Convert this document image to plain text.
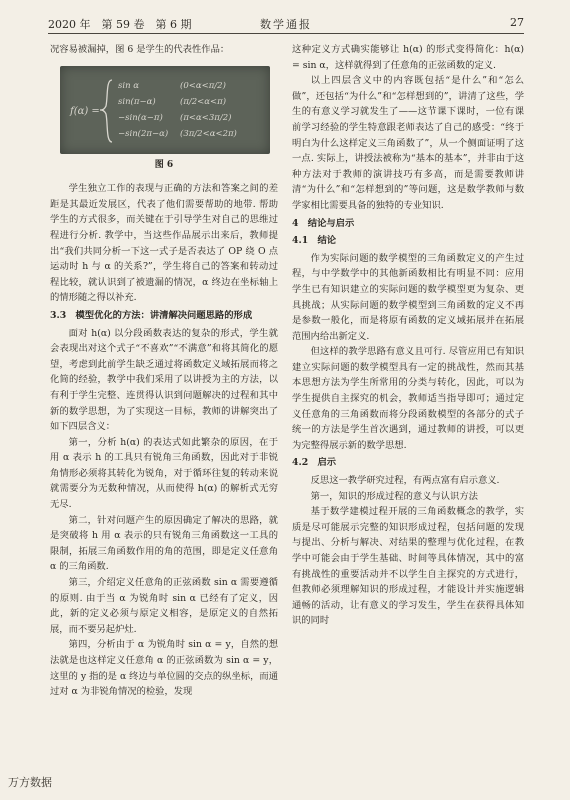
2020 年　第 59 卷　第 6 期	数学通报	27

况容易被漏掉，图 6 是学生的代表性作品：

f(α) =
sin α	(0<α<π/2)
sin(π−α)	(π/2<α<π)
−sin(α−π) (π<α<3π/2)
−sin(2π−α) (3π/2<α<2π)
图 6

学生独立工作的表现与正确的方法和答案之间的差距是其最近发展区，代表了他们需要帮助的地带. 帮助学生的方式很多，而关键在于引导学生对自己的思维过程进行分析. 教学中，当这些作品展示出来后，教师提出“我们共同分析一下这一式子是否表达了 OP 绕 O 点运动时 h 与 α 的关系?”，学生将自己的答案和转动过程比较，就认识到了被遗漏的情况，α 终边在坐标轴上的情形随之得以补充.

3.3　模型优化的方法：讲清解决问题思路的形成

面对 h(α) 以分段函数表达的复杂的形式，学生就会表现出对这个式子“不喜欢”“不满意”和将其简化的愿望，考虑到此前学生缺乏通过将函数定义域拓展而将之化简的经验，教学中我们采用了以讲授为主的方法，以有利于学生完整、连贯得认识到问题解决的过程和其中新的数学思想，为了实现这一目标，教师的讲解突出了如下四层含义：

第一，分析 h(α) 的表达式如此繁杂的原因，在于用 α 表示 h 的工具只有锐角三角函数，因此对于非锐角情形必须将其转化为锐角，对于循环往复的转动来说就需要分为无数种情况，从而使得 h(α) 的解析式无穷无尽.

第二，针对问题产生的原因确定了解决的思路，就是突破将 h 用 α 表示的只有锐角三角函数这一工具的限制，拓展三角函数作用的角的范围，即是定义任意角 α 的三角函数.

第三，介绍定义任意角的正弦函数 sin α 需要遵循的原则. 由于当 α 为锐角时 sin α 已经有了定义，因此，新的定义必须与原定义相容，是原定义的自然拓展，而不要另起炉灶.

第四，分析由于 α 为锐角时 sin α = y，自然的想法就是也这样定义任意角 α 的正弦函数为 sin α = y，这里的 y 指的是 α 终边与单位圆的交点的纵坐标，而通过对 α 为非锐角情况的检验，发现

这种定义方式确实能够让 h(α) 的形式变得简化：h(α) = sin α，这样就得到了任意角的正弦函数的定义.

以上四层含义中的内容既包括“是什么”和“怎么做”，还包括“为什么”和“怎样想到的”，讲清了这些，学生的有意义学习就发生了——这节课下课时，一位有课前学习经验的学生特意跟老师表达了自己的感受：“终于明白为什么这样定义三角函数了”，从一个侧面证明了这一点. 实际上，讲授法被称为“基本的基本”，并非由于这种方法对于教师的演讲技巧有多高，而是需要教师讲清“为什么”和“怎样想到的”等问题，这是数学教师与数学家相比需要具备的独特的专业知识.

4　结论与启示

4.1　结论

作为实际问题的数学模型的三角函数定义的产生过程，与中学数学中的其他新函数相比有明显不同：应用学生已有知识建立的实际问题的数学模型更为复杂、更具挑战；从实际问题的数学模型到三角函数的定义不再是参数一般化，而是将原有函数的定义域拓展并在拓展范围内给出新定义.

但这样的教学思路有意义且可行. 尽管应用已有知识建立实际问题的数学模型具有一定的挑战性，然而其基本思想方法为学生所常用的分类与转化，因此，可以为学生提供自主探究的机会，教师适当指导即可；通过定义任意角的三角函数而将分段函数模型的各部分的式子统一的方法是学生首次遇到，通过教师的讲授，可以更为完整得展示新的数学思想.

4.2　启示

反思这一教学研究过程，有两点富有启示意义.

第一，知识的形成过程的意义与认识方法

基于数学建模过程开展的三角函数概念的教学，实质是尽可能展示完整的知识形成过程，包括问题的发现与提出、分析与解决、对结果的整理与优化过程，在教学中可能会由于学生基础、时间等具体情况，其中的富有挑战性的重要活动并不以学生自主探究的方式进行，但教师必须理解知识的形成过程，才能设计并实施逻辑通畅的活动，让有意义的学习发生，学生在获得具体知识的同时

万方数据
